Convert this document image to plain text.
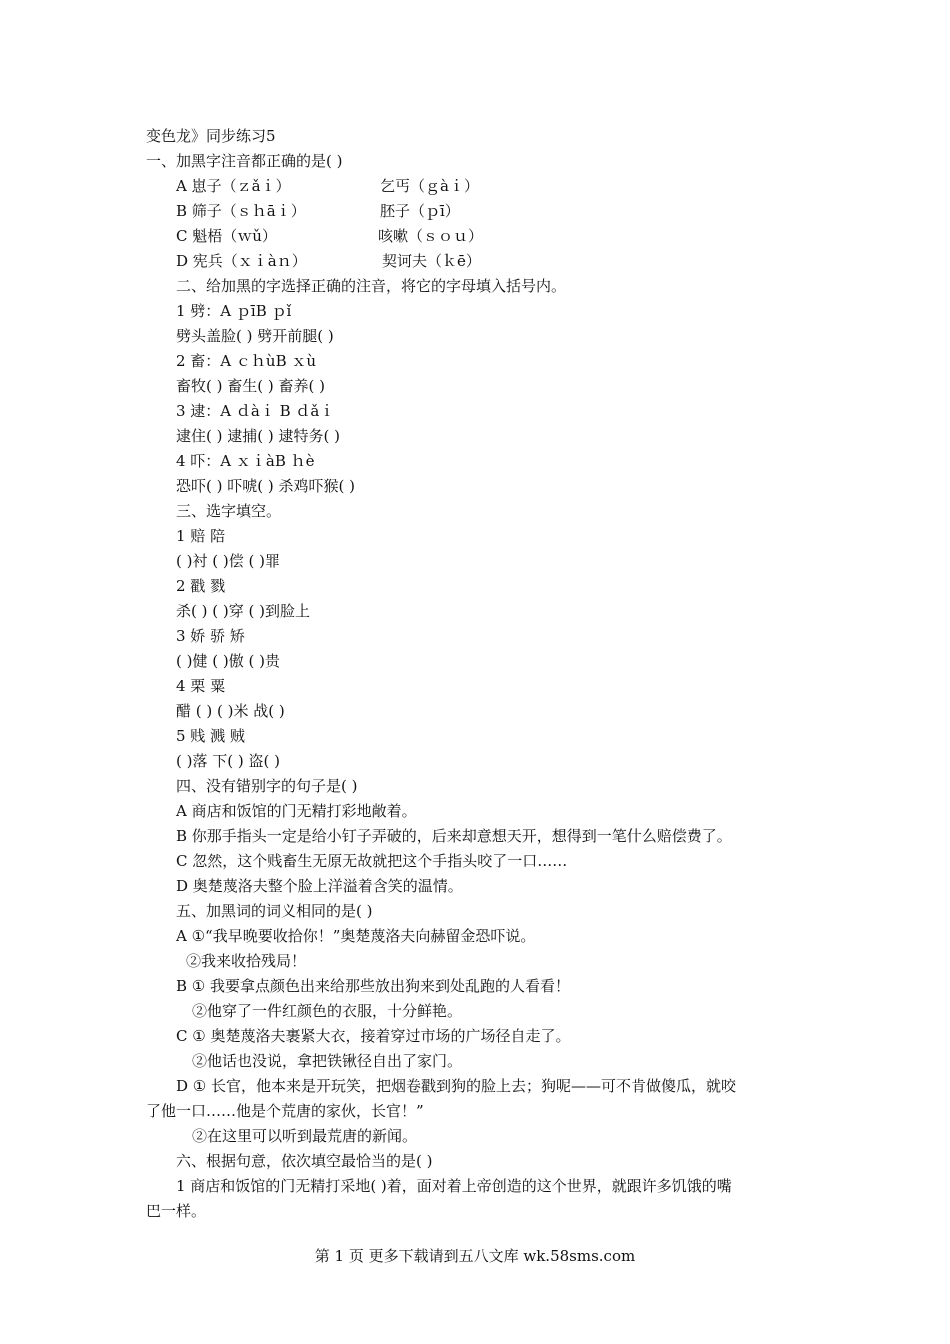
变色龙》同步练习5
一、加黑字注音都正确的是( )
A 崽子（ｚǎｉ）	乞丐（ｇàｉ）
B 筛子（ｓｈāｉ）	胚子（ｐī）
C 魁梧（ｗǔ）	咳嗽（ｓｏｕ）
D 宪兵（ｘｉàｎ）	契诃夫（ｋē）
二、给加黑的字选择正确的注音，将它的字母填入括号内。
1 劈：A ｐīB ｐǐ
劈头盖脸( ) 劈开前腿( )
2 畜：A ｃｈùB ｘù
畜牧( ) 畜生( ) 畜养( )
3 逮：A ｄàｉ B ｄǎｉ
逮住( ) 逮捕( ) 逮特务( )
4 吓：A ｘｉàB ｈè
恐吓( ) 吓唬( ) 杀鸡吓猴( )
三、选字填空。
1 赔 陪
( )衬 ( )偿 ( )罪
2 戳 戮
杀( ) ( )穿 ( )到脸上
3 娇 骄 矫
( )健 ( )傲 ( )贵
4 栗 粟
醋 ( ) ( )米 战( )
5 贱 溅 贼
( )落 下( ) 盗( )
四、没有错别字的句子是( )
A 商店和饭馆的门无精打彩地敞着。
B 你那手指头一定是给小钉子弄破的，后来却意想天开，想得到一笔什么赔偿费了。
C 忽然，这个贱畜生无原无故就把这个手指头咬了一口……
D 奥楚蔑洛夫整个脸上洋溢着含笑的温情。
五、加黑词的词义相同的是( )
A ①“我早晚要收拾你！”奥楚蔑洛夫向赫留金恐吓说。
②我来收拾残局！
B ① 我要拿点颜色出来给那些放出狗来到处乱跑的人看看！
②他穿了一件红颜色的衣服，十分鲜艳。
C ① 奥楚蔑洛夫裹紧大衣，接着穿过市场的广场径自走了。
②他话也没说，拿把铁锹径自出了家门。
D ① 长官，他本来是开玩笑，把烟卷戳到狗的脸上去；狗呢——可不肯做傻瓜，就咬
了他一口……他是个荒唐的家伙，长官！”
②在这里可以听到最荒唐的新闻。
六、根据句意，依次填空最恰当的是( )
1 商店和饭馆的门无精打采地( )着，面对着上帝创造的这个世界，就跟许多饥饿的嘴
巴一样。
第 1 页 更多下载请到五八文库 wk.58sms.com
